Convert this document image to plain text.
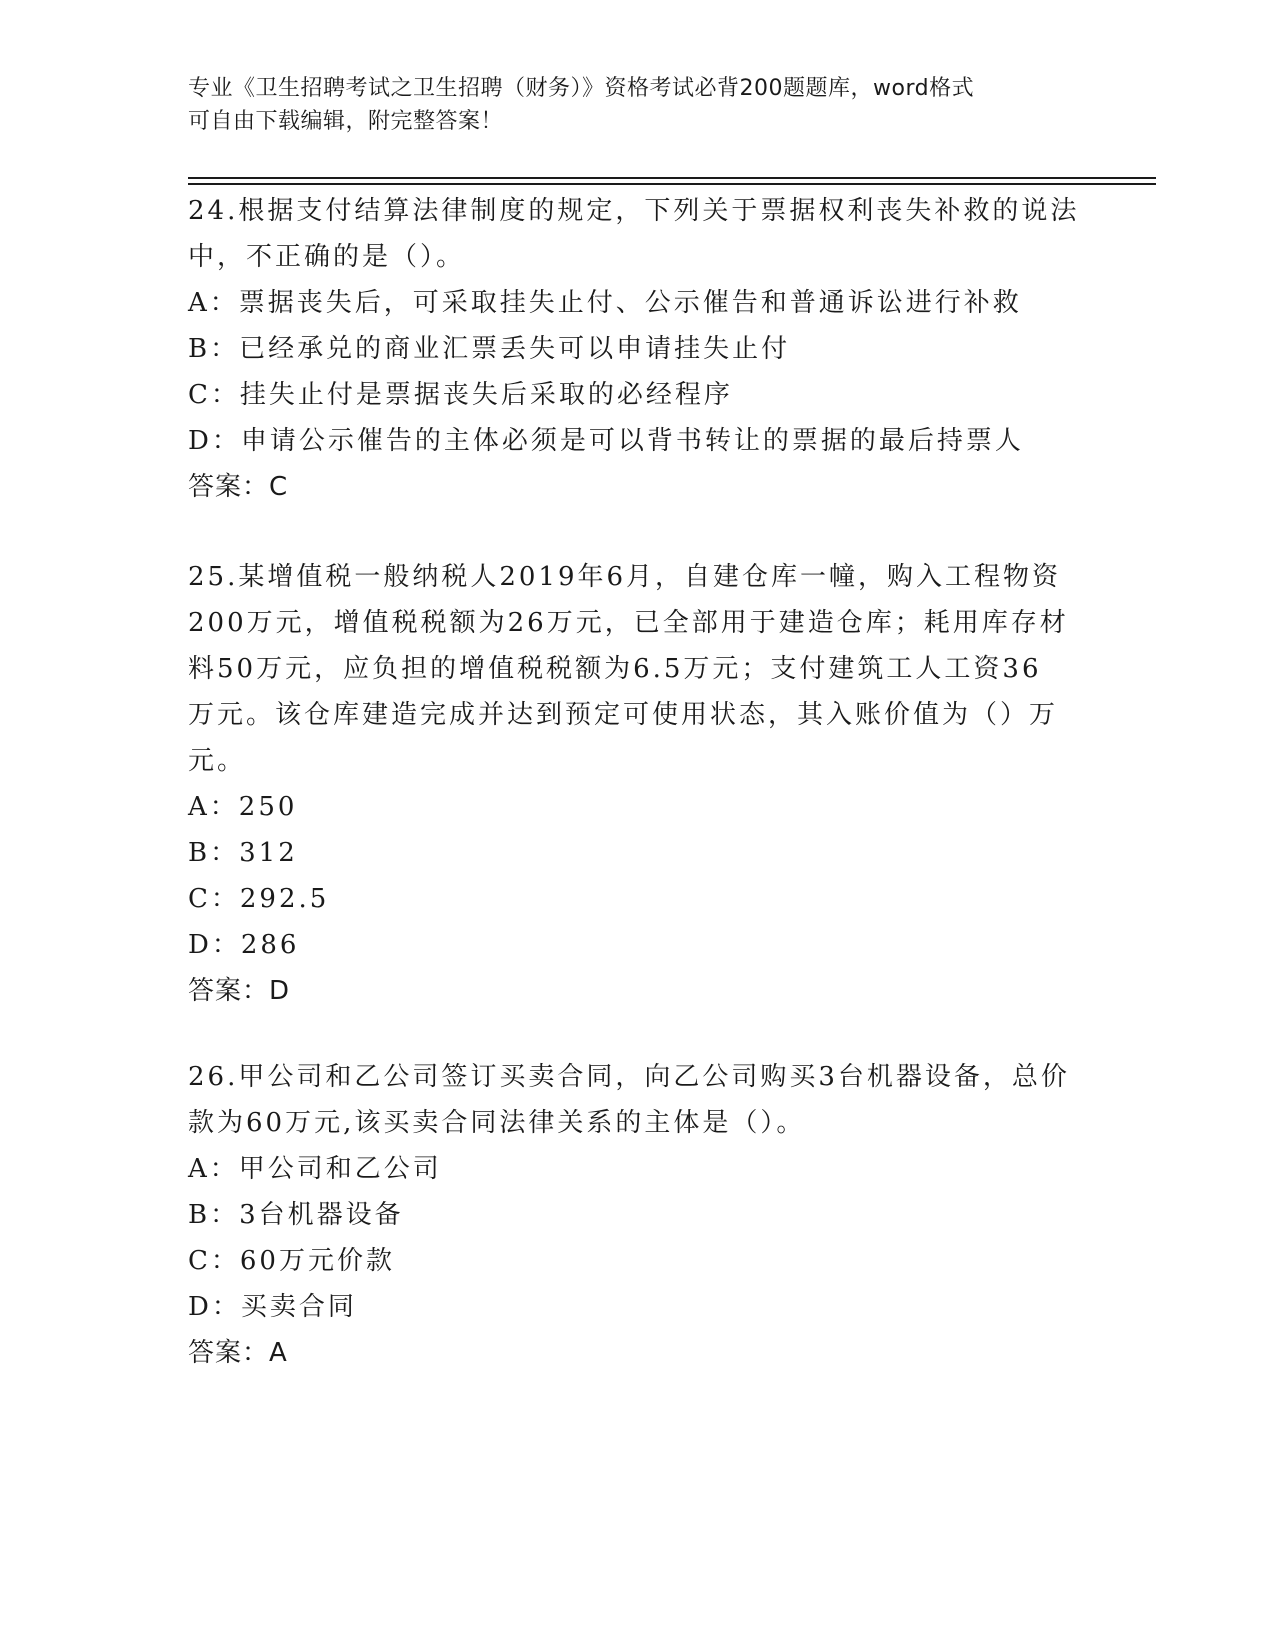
专业《卫生招聘考试之卫生招聘（财务）》资格考试必背200题题库，word格式
可自由下载编辑，附完整答案！

24.根据支付结算法律制度的规定，下列关于票据权利丧失补救的说法

中，不正确的是（）。

A：票据丧失后，可采取挂失止付、公示催告和普通诉讼进行补救

B：已经承兑的商业汇票丢失可以申请挂失止付

C：挂失止付是票据丧失后采取的必经程序

D：申请公示催告的主体必须是可以背书转让的票据的最后持票人

答案：C

25.某增值税一般纳税人2019年6月，自建仓库一幢，购入工程物资

200万元，增值税税额为26万元，已全部用于建造仓库；耗用库存材

料50万元，应负担的增值税税额为6.5万元；支付建筑工人工资36

万元。该仓库建造完成并达到预定可使用状态，其入账价值为（）万

元。

A：250

B：312

C：292.5

D：286

答案：D

26.甲公司和乙公司签订买卖合同，向乙公司购买3台机器设备，总价

款为60万元,该买卖合同法律关系的主体是（）。

A：甲公司和乙公司

B：3台机器设备

C：60万元价款

D：买卖合同

答案：A
